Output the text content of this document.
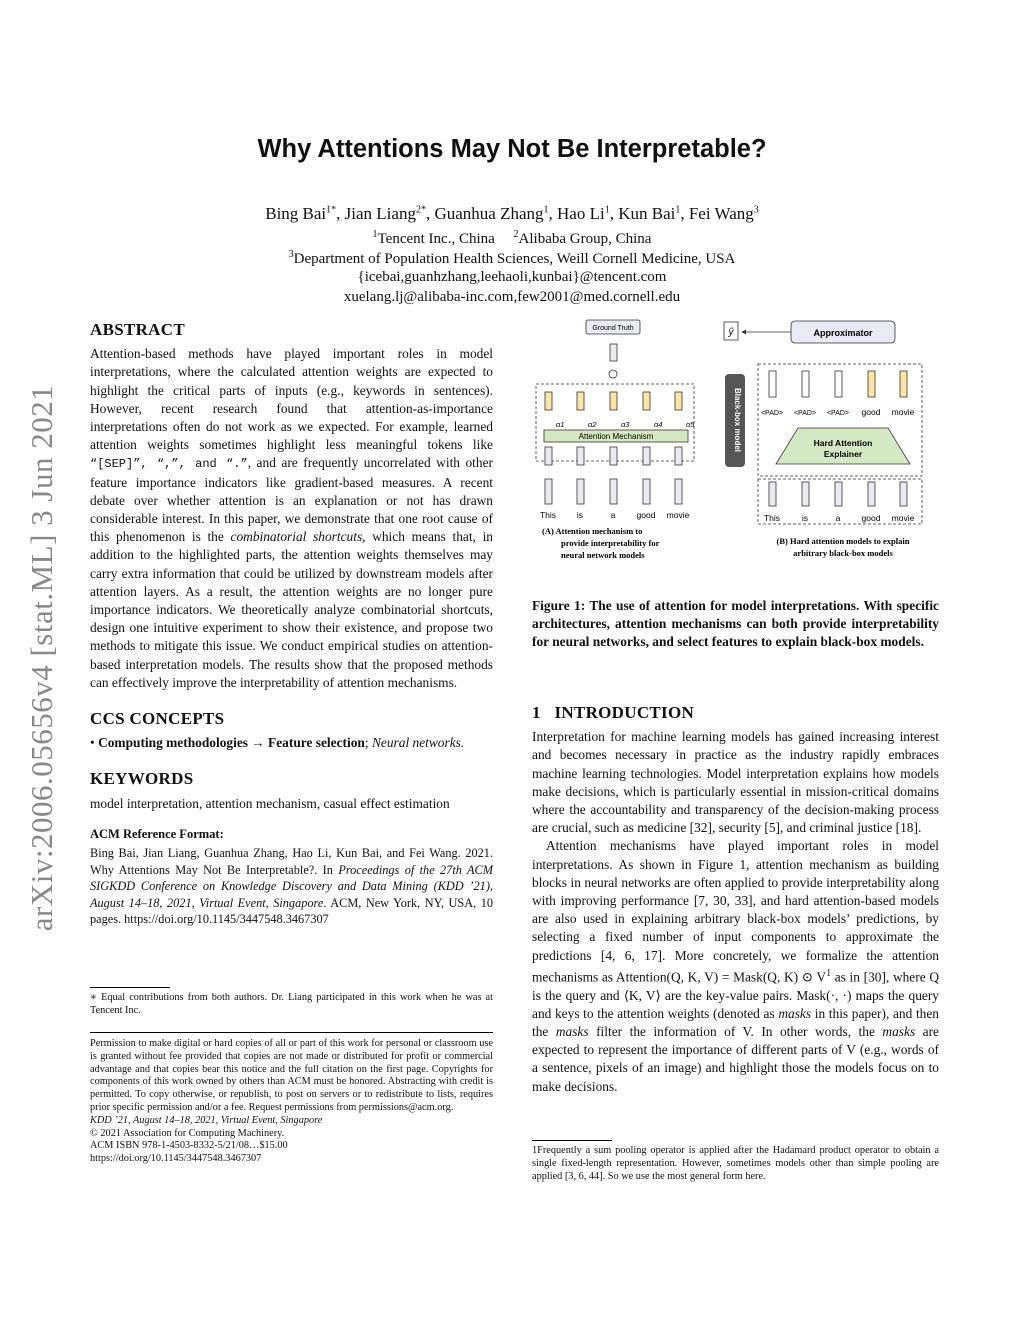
arXiv:2006.05656v4 [stat.ML] 3 Jun 2021
Why Attentions May Not Be Interpretable?
Bing Bai$^{1*}$, Jian Liang$^{2*}$, Guanhua Zhang$^1$, Hao Li$^1$, Kun Bai$^1$, Fei Wang$^3$
$^1$Tencent Inc., China $^2$Alibaba Group, China
$^3$Department of Population Health Sciences, Weill Cornell Medicine, USA
{icebai,guanhzhang,leehaoli,kunbai}@tencent.com
xuelang.lj@alibaba-inc.com,few2001@med.cornell.edu
ABSTRACT

Attention-based methods have played important roles in model interpretations, where the calculated attention weights are expected to highlight the critical parts of inputs (e.g., keywords in sentences). However, recent research found that attention-as-importance interpretations often do not work as we expected. For example, learned attention weights sometimes highlight less meaningful tokens like “[SEP]”, “,”, and “.”, and are frequently uncorrelated with other feature importance indicators like gradient-based measures. A recent debate over whether attention is an explanation or not has drawn considerable interest. In this paper, we demonstrate that one root cause of this phenomenon is the combinatorial shortcuts, which means that, in addition to the highlighted parts, the attention weights themselves may carry extra information that could be utilized by downstream models after attention layers. As a result, the attention weights are no longer pure importance indicators. We theoretically analyze combinatorial shortcuts, design one intuitive experiment to show their existence, and propose two methods to mitigate this issue. We conduct empirical studies on attention-based interpretation models. The results show that the proposed methods can effectively improve the interpretability of attention mechanisms.

CCS CONCEPTS

• Computing methodologies → Feature selection; Neural networks.

KEYWORDS

model interpretation, attention mechanism, casual effect estimation

ACM Reference Format:

Bing Bai, Jian Liang, Guanhua Zhang, Hao Li, Kun Bai, and Fei Wang. 2021. Why Attentions May Not Be Interpretable?. In Proceedings of the 27th ACM SIGKDD Conference on Knowledge Discovery and Data Mining (KDD ’21), August 14–18, 2021, Virtual Event, Singapore. ACM, New York, NY, USA, 10 pages. https://doi.org/10.1145/3447548.3467307

∗ Equal contributions from both authors. Dr. Liang participated in this work when he was at Tencent Inc.

Permission to make digital or hard copies of all or part of this work for personal or classroom use is granted without fee provided that copies are not made or distributed for profit or commercial advantage and that copies bear this notice and the full citation on the first page. Copyrights for components of this work owned by others than ACM must be honored. Abstracting with credit is permitted. To copy otherwise, or republish, to post on servers or to redistribute to lists, requires prior specific permission and/or a fee. Request permissions from permissions@acm.org.

KDD ’21, August 14–18, 2021, Virtual Event, Singapore

© 2021 Association for Computing Machinery.

ACM ISBN 978-1-4503-8332-5/21/08…$15.00

https://doi.org/10.1145/3447548.3467307

Ground Truth
Attention Mechanism
α1	α2	α3	α4	α5
This is	a good movie
(A) Attention mechanism to
provide interpretability for
neural network models
ŷ	Approximator
Black-box model	<PAD> <PAD> <PAD> good movie
Hard Attention
Explainer
This	is	a good movie
(B) Hard attention models to explain
arbitrary black-box models
Figure 1: The use of attention for model interpretations. With specific architectures, attention mechanisms can both provide interpretability for neural networks, and select features to explain black-box models.
1   INTRODUCTION

Interpretation for machine learning models has gained increasing interest and becomes necessary in practice as the industry rapidly embraces machine learning technologies. Model interpretation explains how models make decisions, which is particularly essential in mission-critical domains where the accountability and transparency of the decision-making process are crucial, such as medicine [32], security [5], and criminal justice [18].

Attention mechanisms have played important roles in model interpretations. As shown in Figure 1, attention mechanism as building blocks in neural networks are often applied to provide interpretability along with improving performance [7, 30, 33], and hard attention-based models are also used in explaining arbitrary black-box models’ predictions, by selecting a fixed number of input components to approximate the predictions [4, 6, 17]. More concretely, we formalize the attention mechanisms as Attention(Q, K, V) = Mask(Q, K) ⊙ $V^1$ as in [30], where Q is the query and ⟨K, V⟩ are the key-value pairs. Mask(·, ·) maps the query and keys to the attention weights (denoted as masks in this paper), and then the masks filter the information of V. In other words, the masks are expected to represent the importance of different parts of V (e.g., words of a sentence, pixels of an image) and highlight those the models focus on to make decisions.

1Frequently a sum pooling operator is applied after the Hadamard product operator to obtain a single fixed-length representation. However, sometimes models other than simple pooling are applied [3, 6, 44]. So we use the most general form here.
